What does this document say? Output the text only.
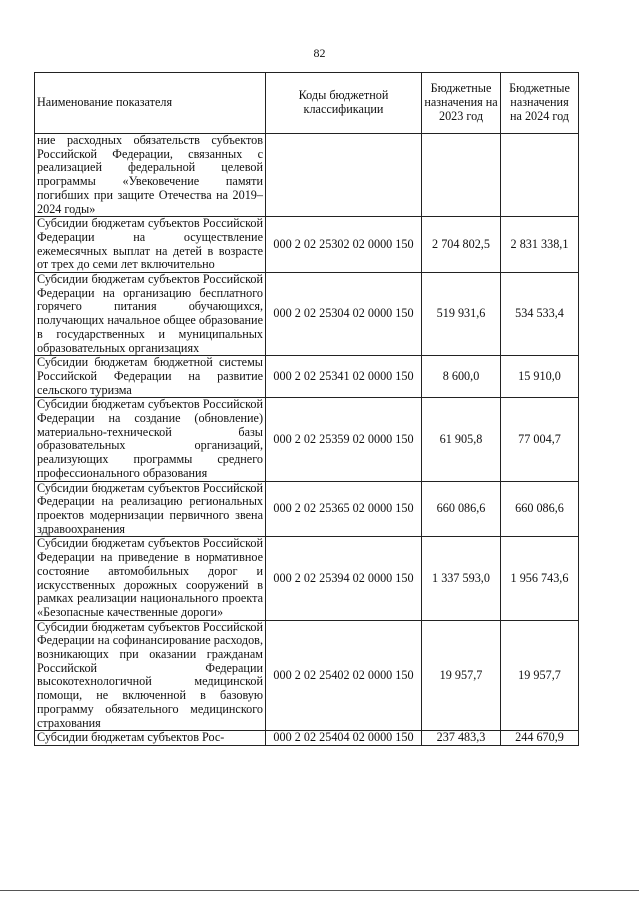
82
Наименование показателя	Коды бюджетной классификации	Бюджетные назначения на 2023 год	Бюджетные назначения на 2024 год
ние расходных обязательств субъектов Российской Федерации, связанных с реализацией федеральной целевой программы «Увековечение памяти погибших при защите Отечества на 2019–2024 годы»			
Субсидии бюджетам субъектов Российской Федерации на осуществление ежемесячных выплат на детей в возрасте от трех до семи лет включительно	000 2 02 25302 02 0000 150	2 704 802,5	2 831 338,1
Субсидии бюджетам субъектов Российской Федерации на организацию бесплатного горячего питания обучающихся, получающих начальное общее образование в государственных и муниципальных образовательных организациях	000 2 02 25304 02 0000 150	519 931,6	534 533,4
Субсидии бюджетам бюджетной системы Российской Федерации на развитие сельского туризма	000 2 02 25341 02 0000 150	8 600,0	15 910,0
Субсидии бюджетам субъектов Российской Федерации на создание (обновление) материально-технической базы образовательных организаций, реализующих программы среднего профессионального образования	000 2 02 25359 02 0000 150	61 905,8	77 004,7
Субсидии бюджетам субъектов Российской Федерации на реализацию региональных проектов модернизации первичного звена здравоохранения	000 2 02 25365 02 0000 150	660 086,6	660 086,6
Субсидии бюджетам субъектов Российской Федерации на приведение в нормативное состояние автомобильных дорог и искусственных дорожных сооружений в рамках реализации национального проекта «Безопасные качественные дороги»	000 2 02 25394 02 0000 150	1 337 593,0	1 956 743,6
Субсидии бюджетам субъектов Российской Федерации на софинансирование расходов, возникающих при оказании гражданам Российской Федерации высокотехнологичной медицинской помощи, не включенной в базовую программу обязательного медицинского страхования	000 2 02 25402 02 0000 150	19 957,7	19 957,7
Субсидии бюджетам субъектов Рос-	000 2 02 25404 02 0000 150	237 483,3	244 670,9
